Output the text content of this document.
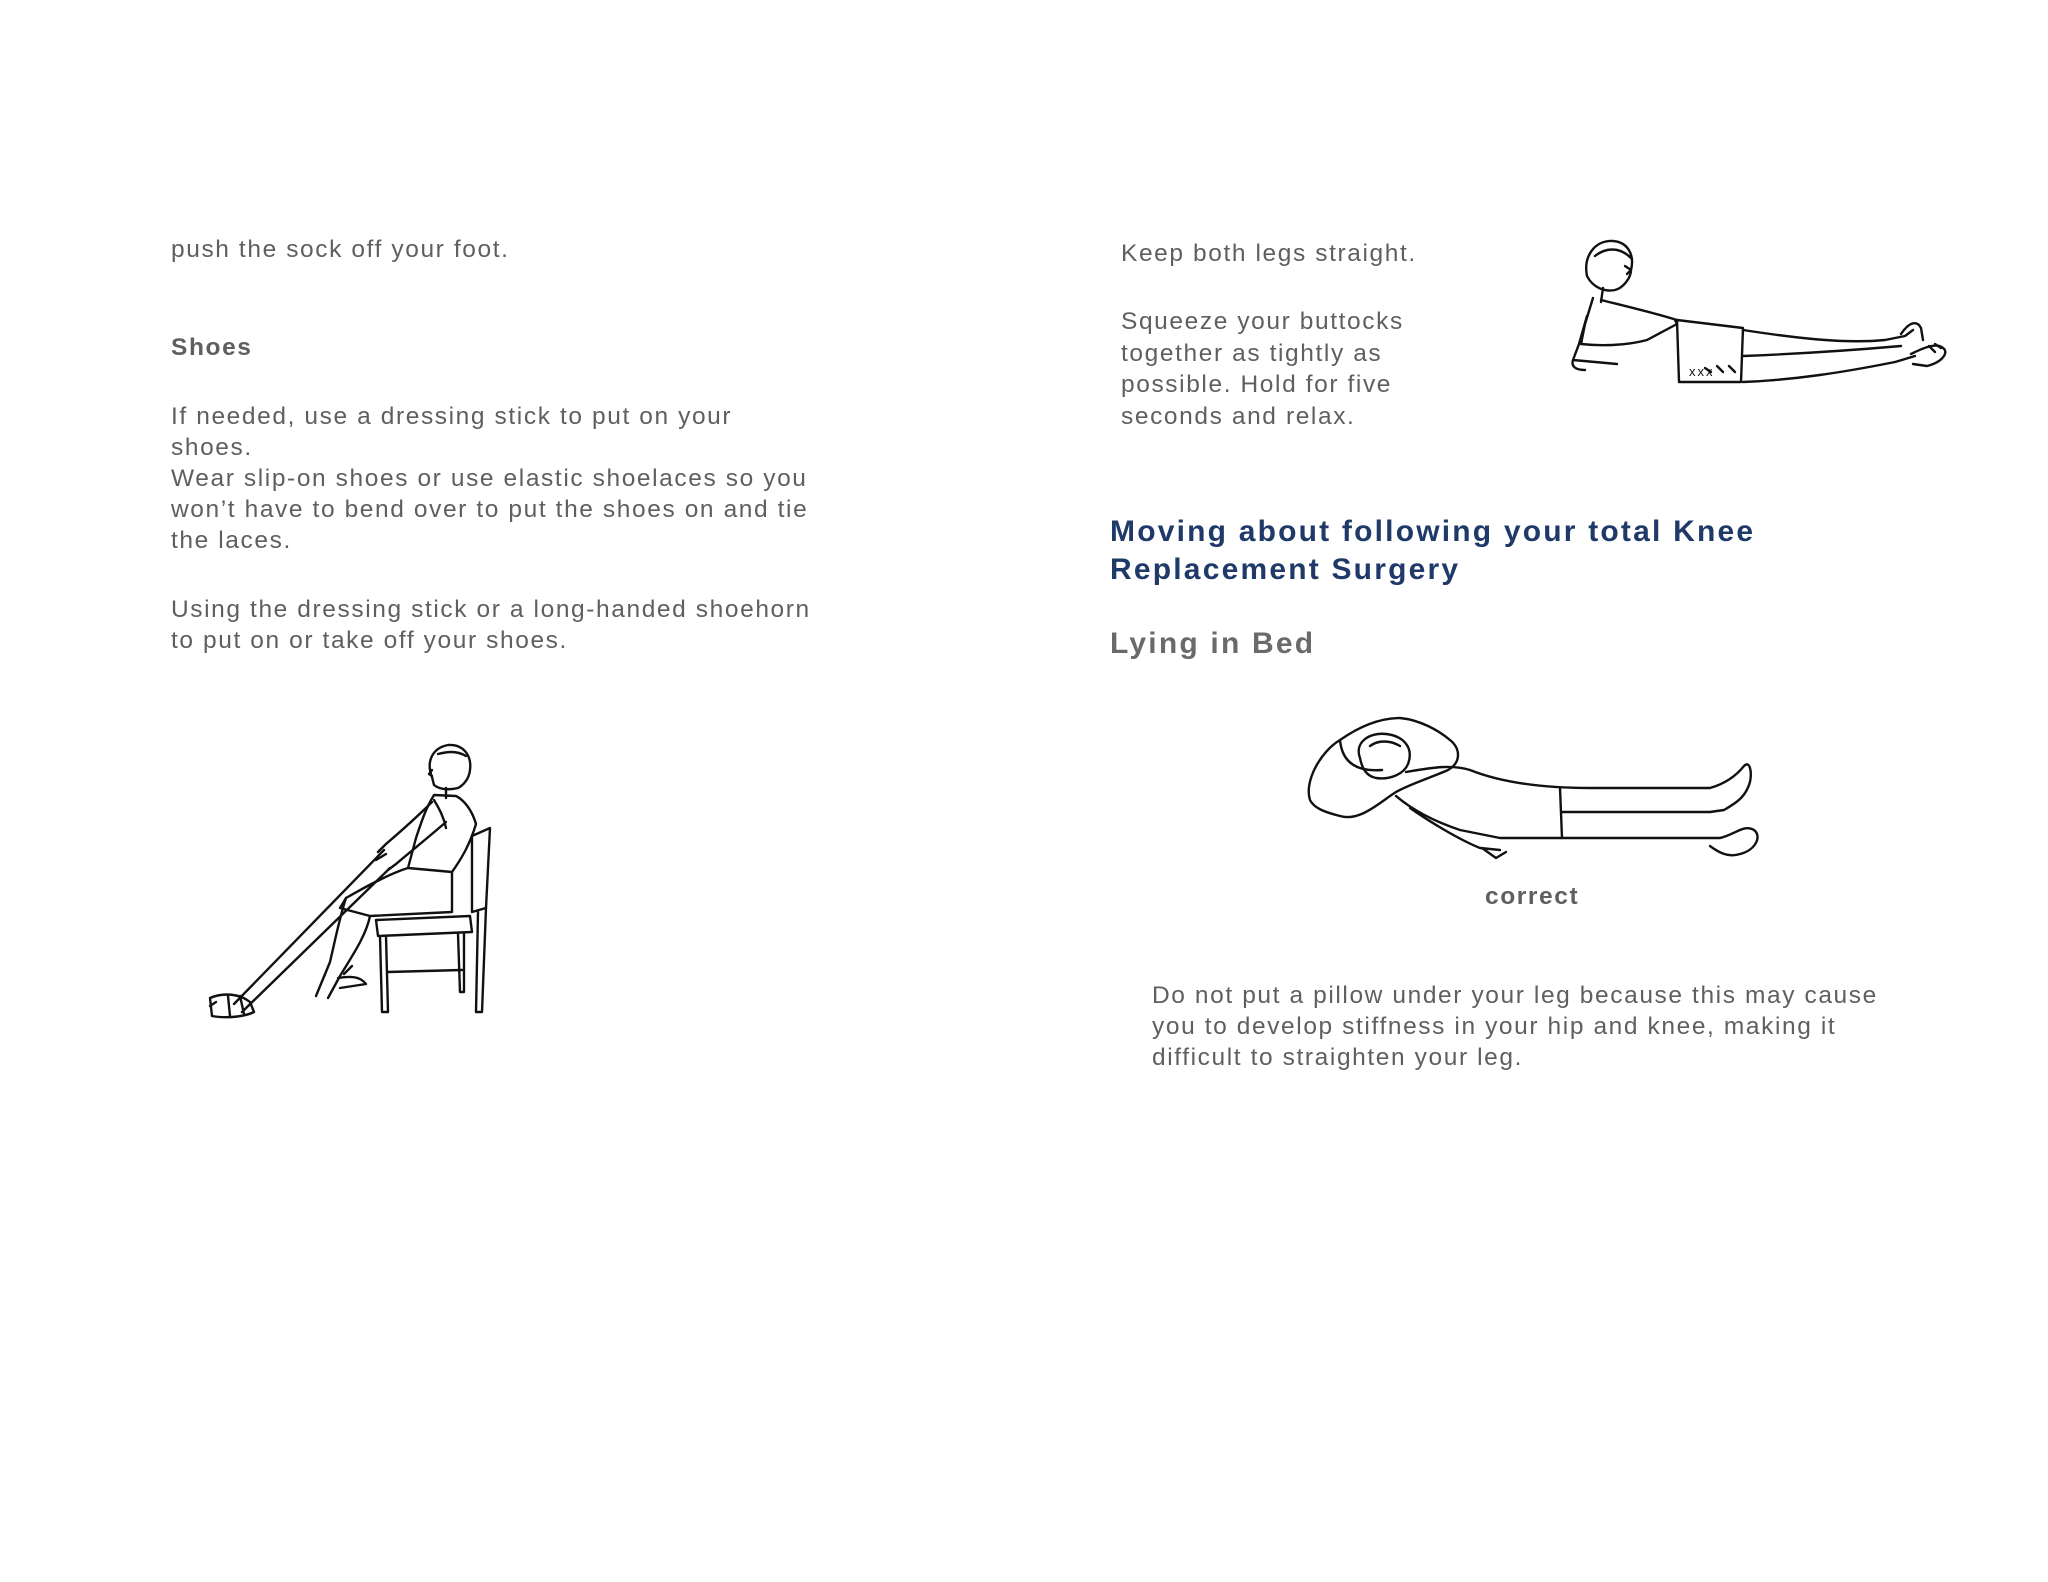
push the sock off your foot.

Shoes

If needed, use a dressing stick to put on your

shoes.

Wear slip-on shoes or use elastic shoelaces so you

won’t have to bend over to put the shoes on and tie

the laces.

Using the dressing stick or a long-handed shoehorn

to put on or take off your shoes.

Keep both legs straight.

Squeeze your buttocks

together as tightly as

possible. Hold for five

seconds and relax.

Moving about following your total Knee
Replacement Surgery
Lying in Bed

correct

Do not put a pillow under your leg because this may cause

you to develop stiffness in your hip and knee, making it

difficult to straighten your leg.

xxx
